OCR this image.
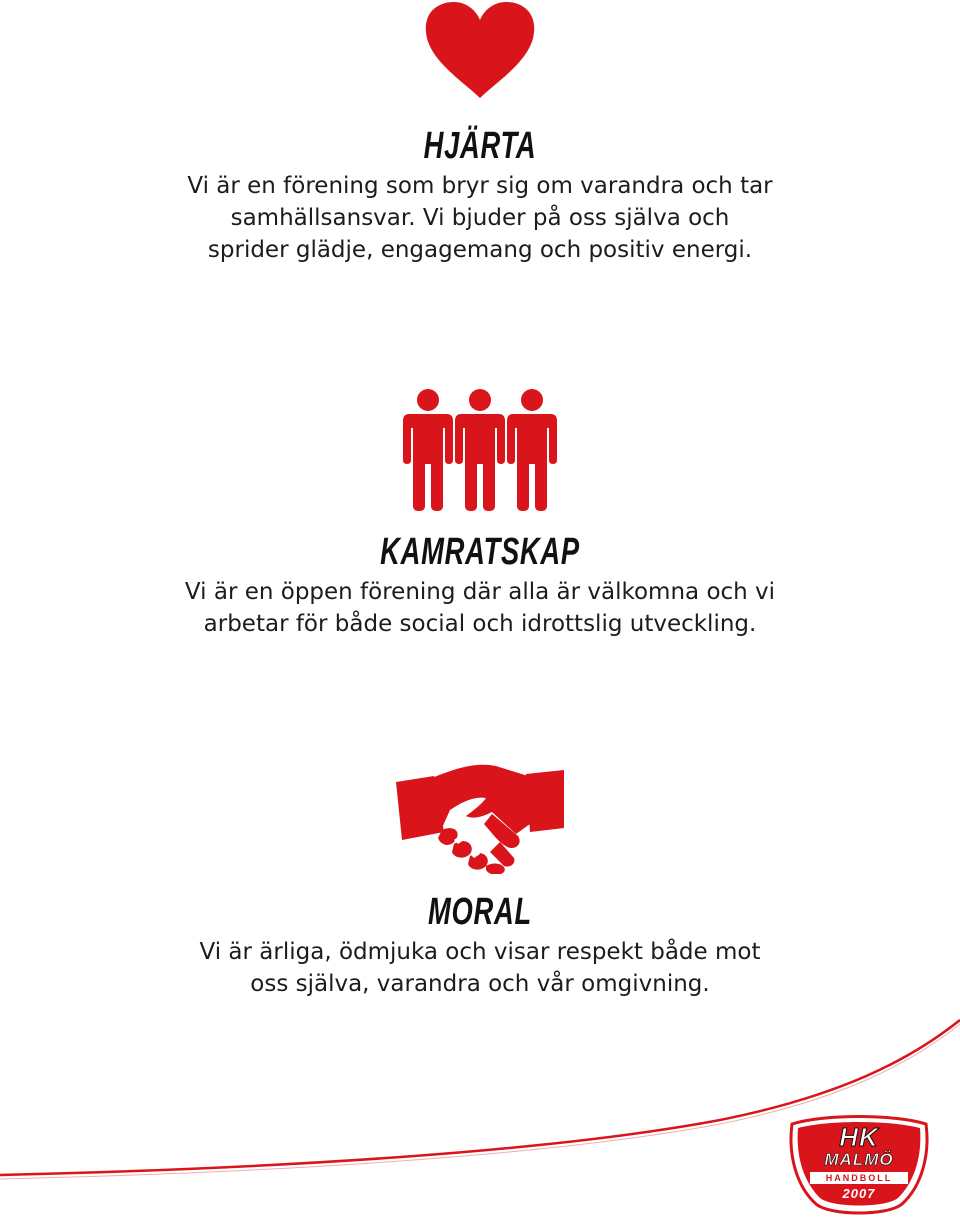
HJÄRTA

Vi är en förening som bryr sig om varandra och tar
samhällsansvar. Vi bjuder på oss själva och
sprider glädje, engagemang och positiv energi.

KAMRATSKAP

Vi är en öppen förening där alla är välkomna och vi
arbetar för både social och idrottslig utveckling.

MORAL

Vi är ärliga, ödmjuka och visar respekt både mot
oss själva, varandra och vår omgivning.

HK
MALMÖ
HANDBOLL
2007
